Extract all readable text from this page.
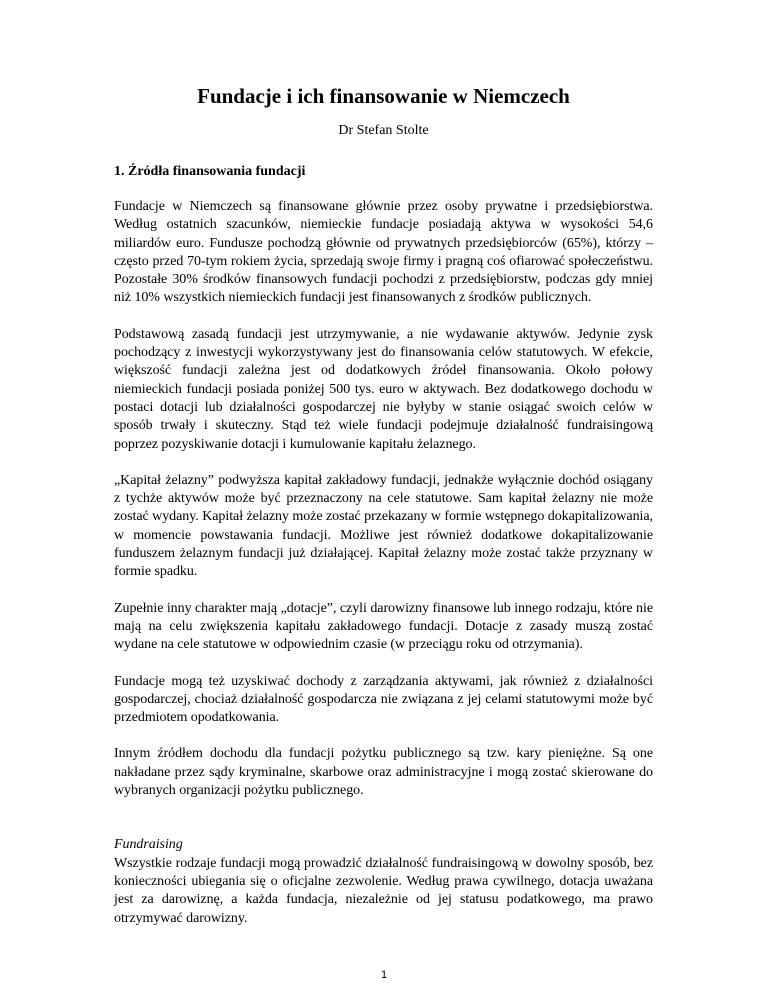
Fundacje i ich finansowanie w Niemczech

Dr Stefan Stolte

1. Źródła finansowania fundacji

Fundacje w Niemczech są finansowane głównie przez osoby prywatne i przedsiębiorstwa. Według ostatnich szacunków, niemieckie fundacje posiadają aktywa w wysokości 54,6 miliardów euro. Fundusze pochodzą głównie od prywatnych przedsiębiorców (65%), którzy – często przed 70-tym rokiem życia, sprzedają swoje firmy i pragną coś ofiarować społeczeństwu. Pozostałe 30% środków finansowych fundacji pochodzi z przedsiębiorstw, podczas gdy mniej niż 10% wszystkich niemieckich fundacji jest finansowanych z środków publicznych.

Podstawową zasadą fundacji jest utrzymywanie, a nie wydawanie aktywów. Jedynie zysk pochodzący z inwestycji wykorzystywany jest do finansowania celów statutowych. W efekcie, większość fundacji zależna jest od dodatkowych źródeł finansowania. Około połowy niemieckich fundacji posiada poniżej 500 tys. euro w aktywach. Bez dodatkowego dochodu w postaci dotacji lub działalności gospodarczej nie byłyby w stanie osiągać swoich celów w sposób trwały i skuteczny. Stąd też wiele fundacji podejmuje działalność fundraisingową poprzez pozyskiwanie dotacji i kumulowanie kapitału żelaznego.

„Kapitał żelazny” podwyższa kapitał zakładowy fundacji, jednakże wyłącznie dochód osiągany z tychże aktywów może być przeznaczony na cele statutowe. Sam kapitał żelazny nie może zostać wydany. Kapitał żelazny może zostać przekazany w formie wstępnego dokapitalizowania, w momencie powstawania fundacji. Możliwe jest również dodatkowe dokapitalizowanie funduszem żelaznym fundacji już działającej. Kapitał żelazny może zostać także przyznany w formie spadku.

Zupełnie inny charakter mają „dotacje”, czyli darowizny finansowe lub innego rodzaju, które nie mają na celu zwiększenia kapitału zakładowego fundacji. Dotacje z zasady muszą zostać wydane na cele statutowe w odpowiednim czasie (w przeciągu roku od otrzymania).

Fundacje mogą też uzyskiwać dochody z zarządzania aktywami, jak również z działalności gospodarczej, chociaż działalność gospodarcza nie związana z jej celami statutowymi może być przedmiotem opodatkowania.

Innym źródłem dochodu dla fundacji pożytku publicznego są tzw. kary pieniężne. Są one nakładane przez sądy kryminalne, skarbowe oraz administracyjne i mogą zostać skierowane do wybranych organizacji pożytku publicznego.

Fundraising

Wszystkie rodzaje fundacji mogą prowadzić działalność fundraisingową w dowolny sposób, bez konieczności ubiegania się o oficjalne zezwolenie. Według prawa cywilnego, dotacja uważana jest za darowiznę, a każda fundacja, niezależnie od jej statusu podatkowego, ma prawo otrzymywać darowizny.

1
